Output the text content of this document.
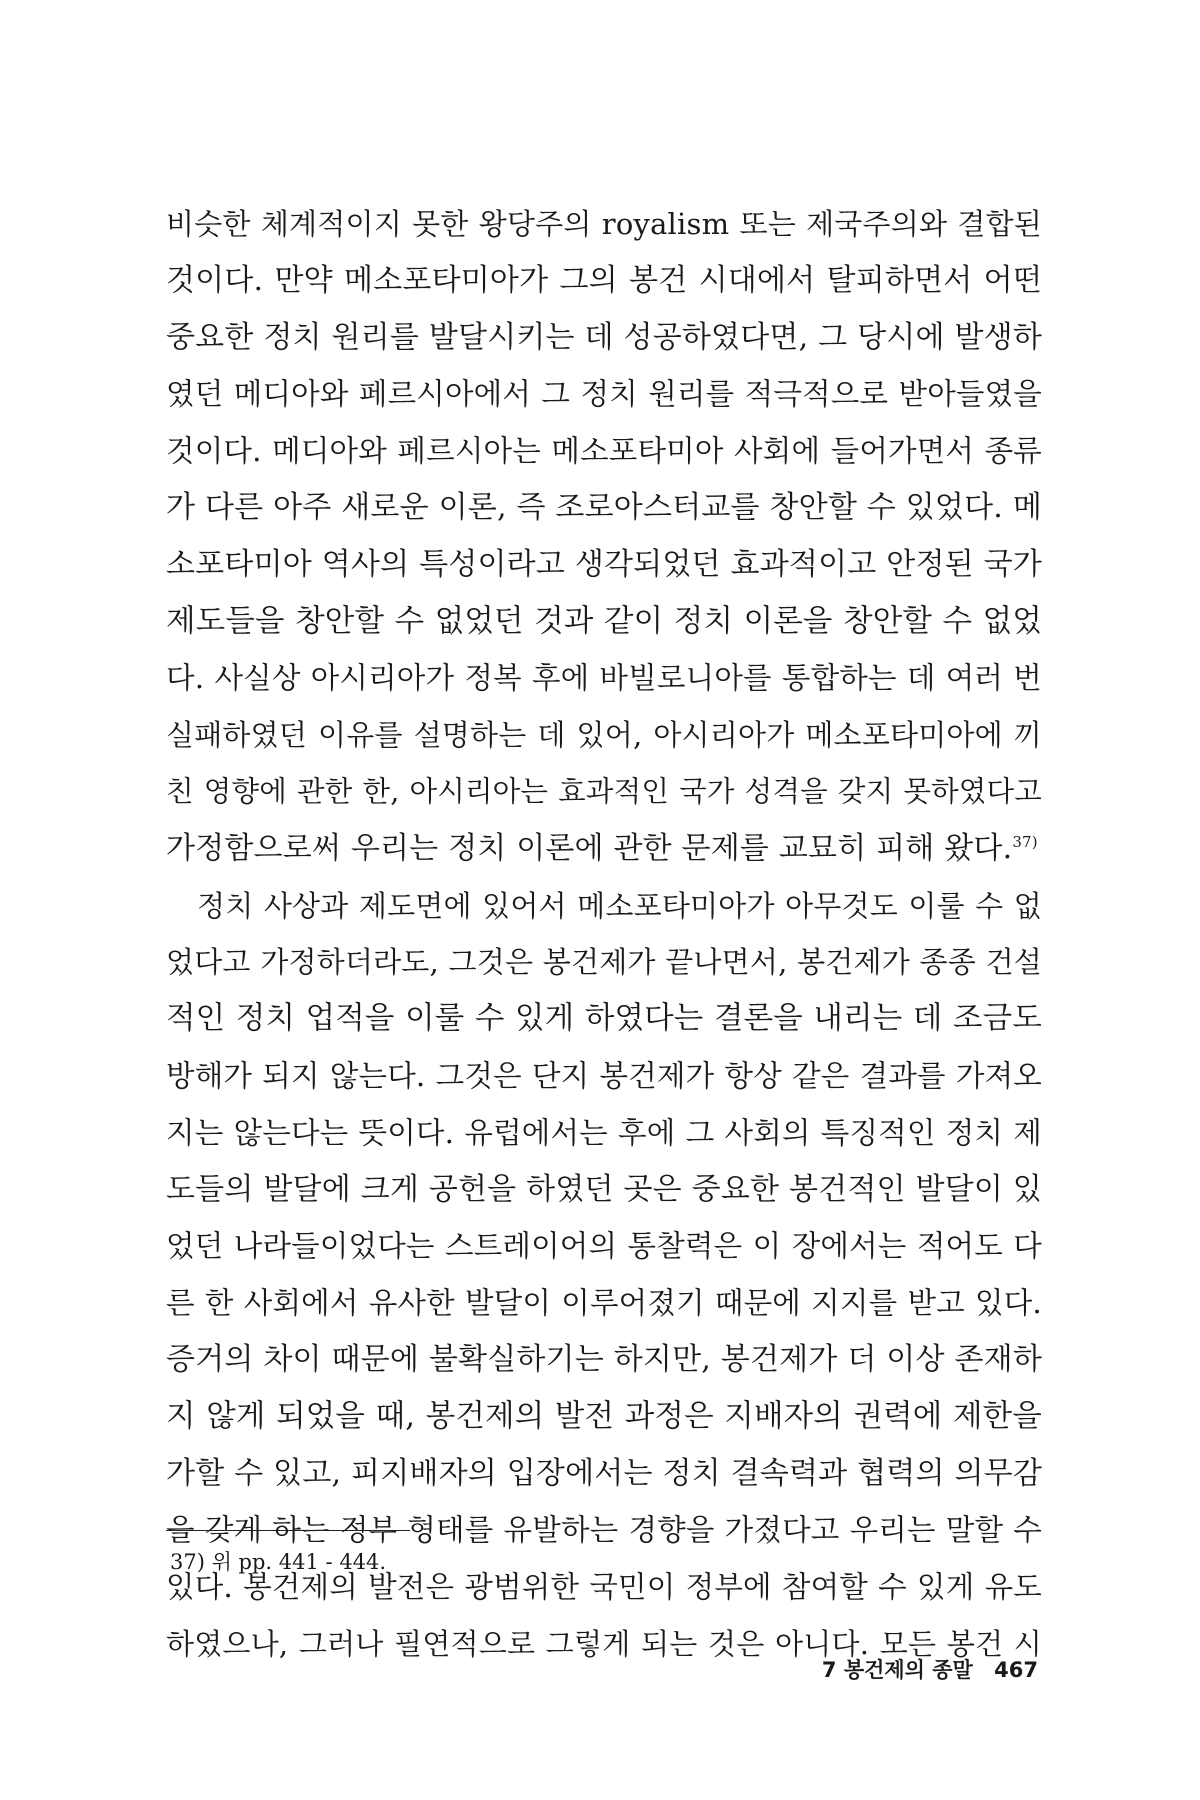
비슷한 체계적이지 못한 왕당주의 royalism 또는 제국주의와 결합된
것이다. 만약 메소포타미아가 그의 봉건 시대에서 탈피하면서 어떤
중요한 정치 원리를 발달시키는 데 성공하였다면, 그 당시에 발생하
였던 메디아와 페르시아에서 그 정치 원리를 적극적으로 받아들였을
것이다. 메디아와 페르시아는 메소포타미아 사회에 들어가면서 종류
가 다른 아주 새로운 이론, 즉 조로아스터교를 창안할 수 있었다. 메
소포타미아 역사의 특성이라고 생각되었던 효과적이고 안정된 국가
제도들을 창안할 수 없었던 것과 같이 정치 이론을 창안할 수 없었
다. 사실상 아시리아가 정복 후에 바빌로니아를 통합하는 데 여러 번
실패하였던 이유를 설명하는 데 있어, 아시리아가 메소포타미아에 끼
친 영향에 관한 한, 아시리아는 효과적인 국가 성격을 갖지 못하였다고
가정함으로써 우리는 정치 이론에 관한 문제를 교묘히 피해 왔다.$^{37)}$
정치 사상과 제도면에 있어서 메소포타미아가 아무것도 이룰 수 없
었다고 가정하더라도, 그것은 봉건제가 끝나면서, 봉건제가 종종 건설
적인 정치 업적을 이룰 수 있게 하였다는 결론을 내리는 데 조금도
방해가 되지 않는다. 그것은 단지 봉건제가 항상 같은 결과를 가져오
지는 않는다는 뜻이다. 유럽에서는 후에 그 사회의 특징적인 정치 제
도들의 발달에 크게 공헌을 하였던 곳은 중요한 봉건적인 발달이 있
었던 나라들이었다는 스트레이어의 통찰력은 이 장에서는 적어도 다
른 한 사회에서 유사한 발달이 이루어졌기 때문에 지지를 받고 있다.
증거의 차이 때문에 불확실하기는 하지만, 봉건제가 더 이상 존재하
지 않게 되었을 때, 봉건제의 발전 과정은 지배자의 권력에 제한을
가할 수 있고, 피지배자의 입장에서는 정치 결속력과 협력의 의무감
을 갖게 하는 정부 형태를 유발하는 경향을 가졌다고 우리는 말할 수
있다. 봉건제의 발전은 광범위한 국민이 정부에 참여할 수 있게 유도
하였으나, 그러나 필연적으로 그렇게 되는 것은 아니다. 모든 봉건 시
37) 위 pp. 441 - 444.
7 봉건제의 종말 467
